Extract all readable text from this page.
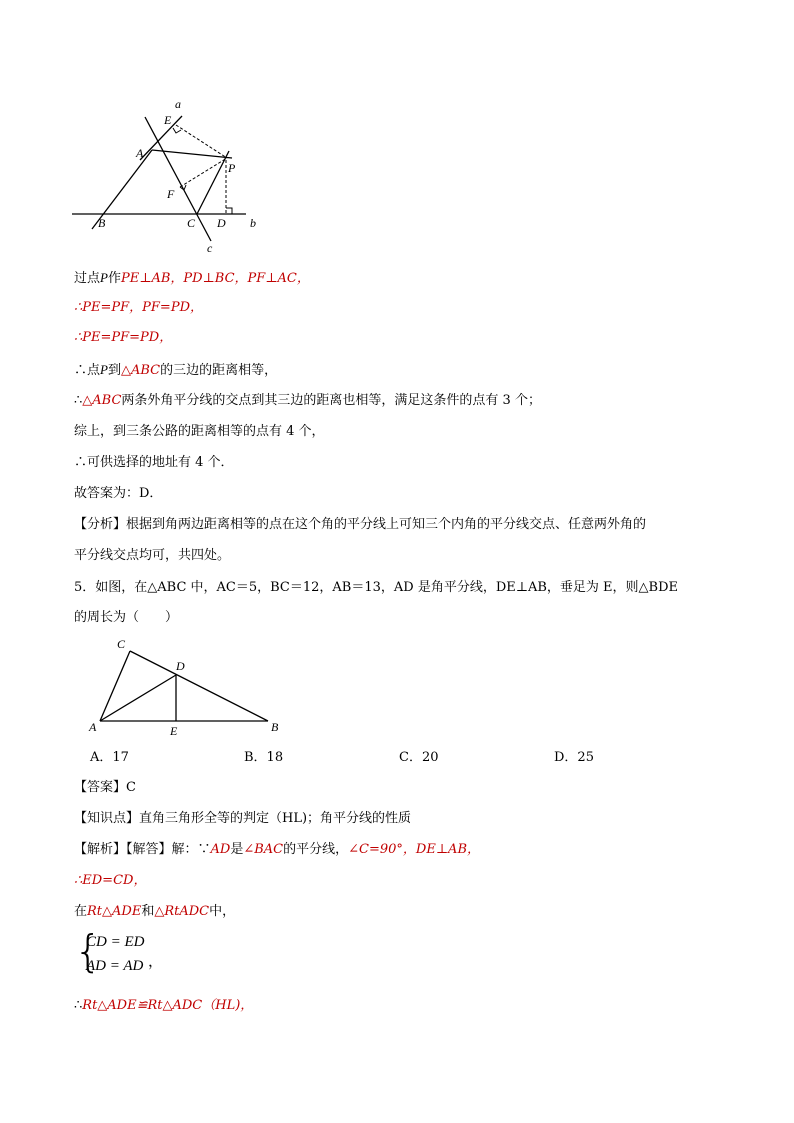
a
E
A
P
F
B	C D b
c
过点P作PE⊥AB，PD⊥BC，PF⊥AC，
∴PE=PF，PF=PD，
∴PE=PF=PD，
∴点P到△ABC的三边的距离相等，
∴△ABC两条外角平分线的交点到其三边的距离也相等，满足这条件的点有 3 个；
综上，到三条公路的距离相等的点有 4 个，
∴可供选择的地址有 4 个．
故答案为：D．
【分析】根据到角两边距离相等的点在这个角的平分线上可知三个内角的平分线交点、任意两外角的
平分线交点均可，共四处。
5．如图，在△ABC 中，AC＝5，BC＝12，AB＝13，AD 是角平分线，DE⊥AB，垂足为 E，则△BDE
的周长为（　　）
C
D
A	E	B
A．17	B．18	C．20	D．25
【答案】C
【知识点】直角三角形全等的判定（HL)；角平分线的性质
【解析】【解答】解：∵AD是∠BAC的平分线，∠C=90°，DE⊥AB，
∴ED=CD，
在Rt△ADE和△RtADC中，
{
CD = ED
AD = AD ，
∴Rt△ADE≌Rt△ADC（HL)，
